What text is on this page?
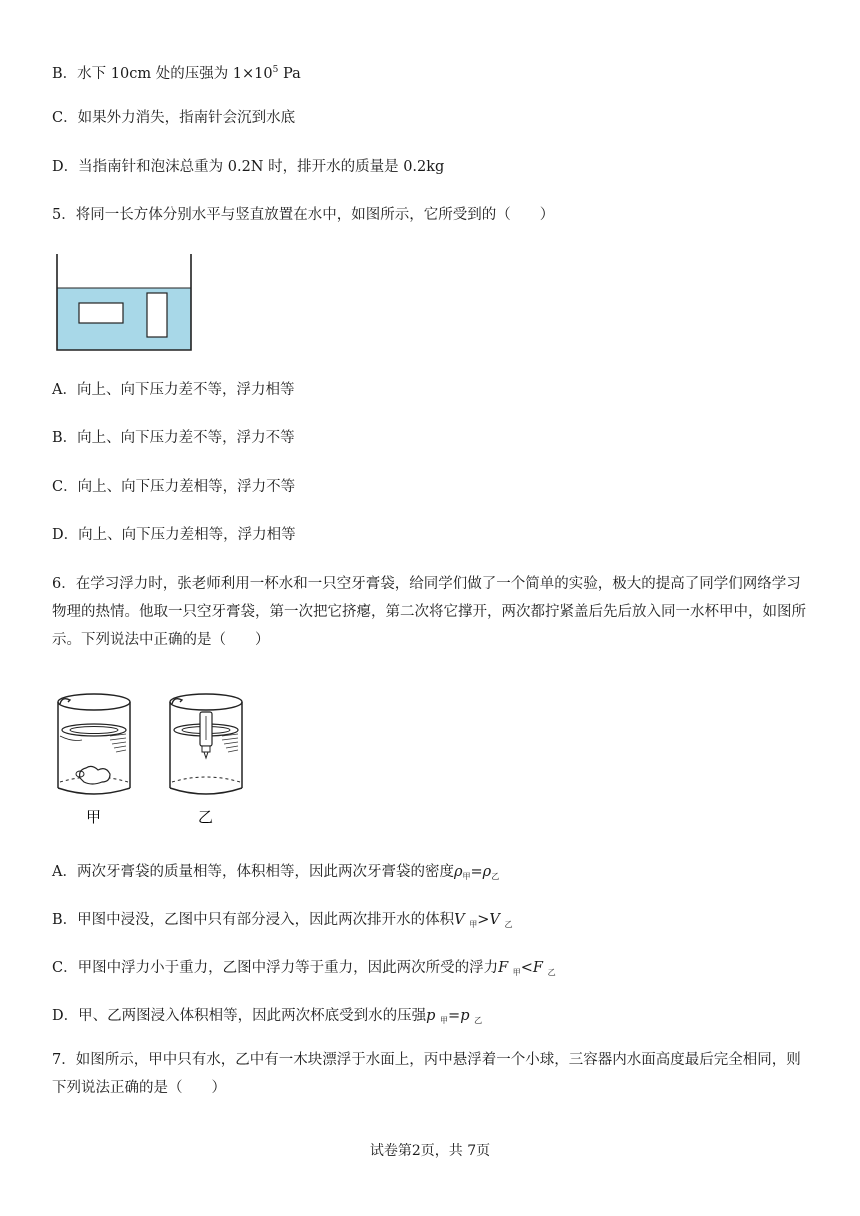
B．水下 10cm 处的压强为 $1\times 10^5$ Pa
C．如果外力消失，指南针会沉到水底
D．当指南针和泡沫总重为 0.2N 时，排开水的质量是 0.2kg
5．将同一长方体分别水平与竖直放置在水中，如图所示，它所受到的（　　）
A．向上、向下压力差不等，浮力相等
B．向上、向下压力差不等，浮力不等
C．向上、向下压力差相等，浮力不等
D．向上、向下压力差相等，浮力相等
6．在学习浮力时，张老师利用一杯水和一只空牙膏袋，给同学们做了一个简单的实验，极大的提高了同学们网络学习物理的热情。他取一只空牙膏袋，第一次把它挤瘪，第二次将它撑开，两次都拧紧盖后先后放入同一水杯甲中，如图所示。下列说法中正确的是（　　）
甲	乙
A．两次牙膏袋的质量相等，体积相等，因此两次牙膏袋的密度$\rho_甲=\rho_乙$
B．甲图中浸没，乙图中只有部分浸入，因此两次排开水的体积V $_甲$>V $_乙$
C．甲图中浮力小于重力，乙图中浮力等于重力，因此两次所受的浮力F $_甲$<F $_乙$
D．甲、乙两图浸入体积相等，因此两次杯底受到水的压强p $_甲$=p $_乙$
7．如图所示，甲中只有水，乙中有一木块漂浮于水面上，丙中悬浮着一个小球，三容器内水面高度最后完全相同，则下列说法正确的是（　　）
试卷第2页，共 7页
